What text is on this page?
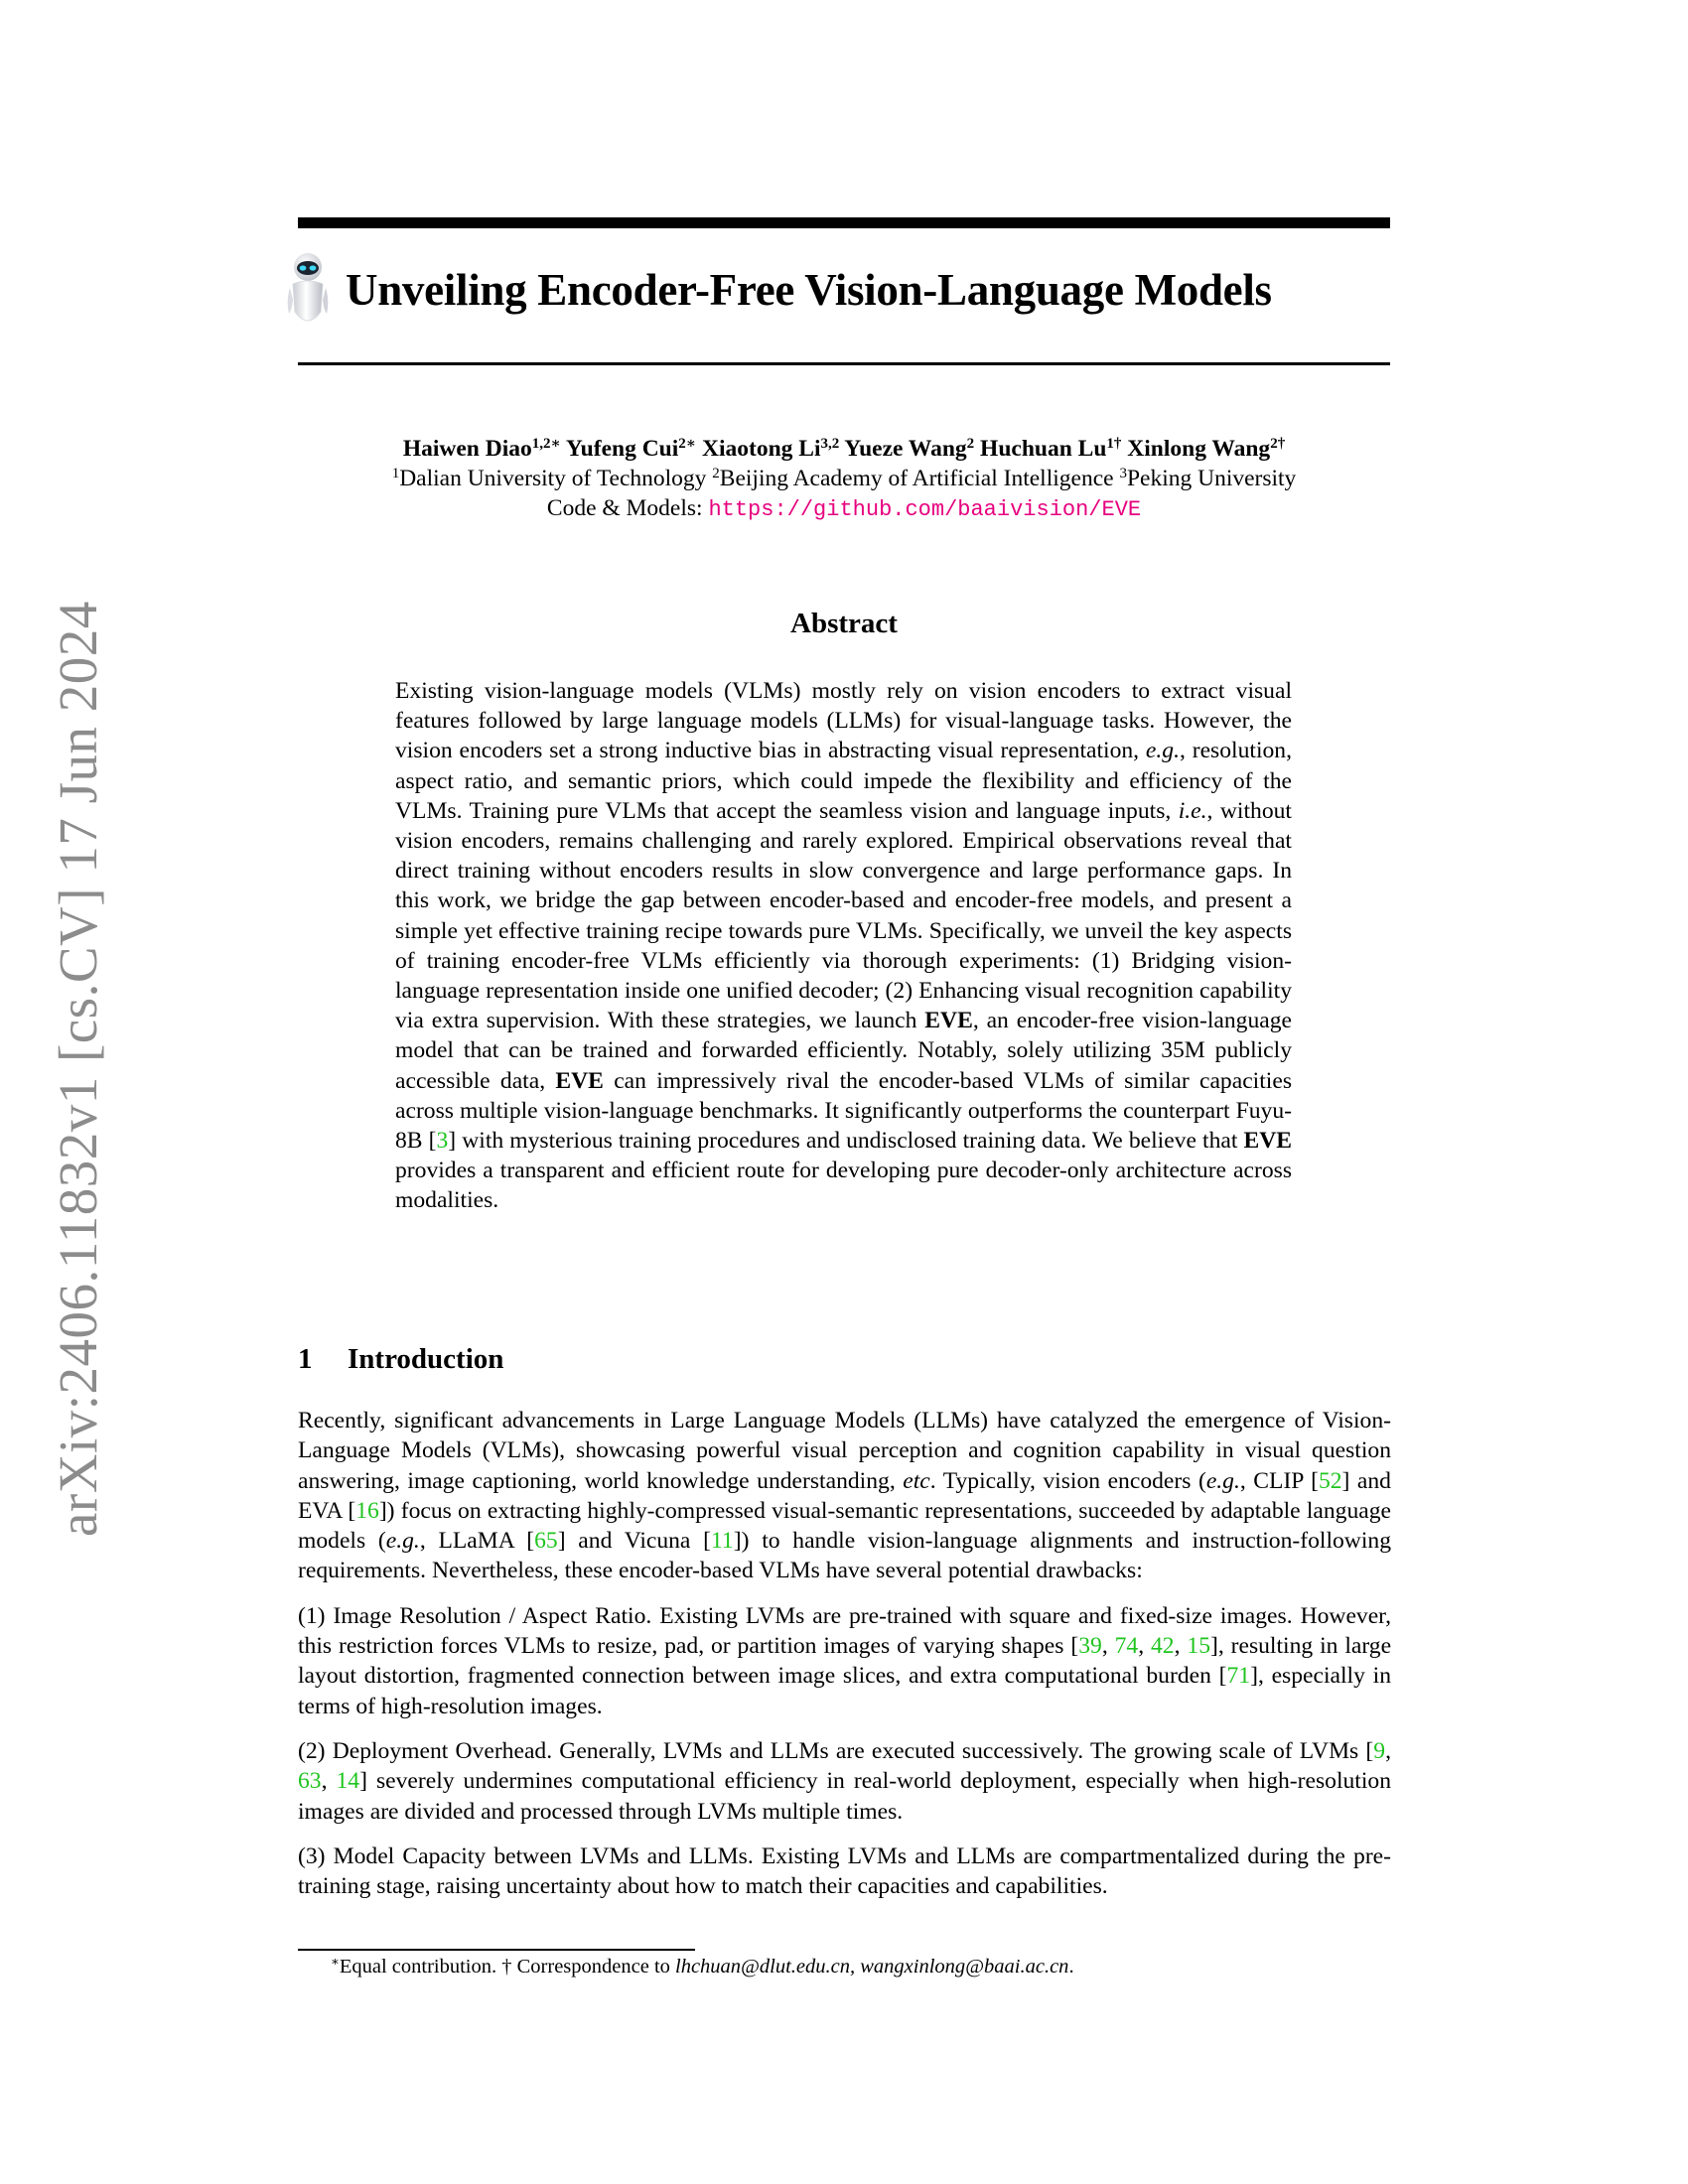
arXiv:2406.11832v1 [cs.CV] 17 Jun 2024
Unveiling Encoder-Free Vision-Language Models
Haiwen Diao$^{1,2∗}$ Yufeng Cui$^{2∗}$ Xiaotong Li$^{3,2}$ Yueze Wang$^2$ Huchuan $Lu^{1\dagger}$ Xinlong Wang$^{2\dagger}$
$^1$Dalian University of Technology $^2$Beijing Academy of Artificial Intelligence $^3$Peking University
Code & Models: https://github.com/baaivision/EVE
Abstract

Existing vision-language models (VLMs) mostly rely on vision encoders to extract visual features followed by large language models (LLMs) for visual-language tasks. However, the vision encoders set a strong inductive bias in abstracting visual representation, e.g., resolution, aspect ratio, and semantic priors, which could impede the flexibility and efficiency of the VLMs. Training pure VLMs that accept the seamless vision and language inputs, i.e., without vision encoders, remains challenging and rarely explored. Empirical observations reveal that direct training without encoders results in slow convergence and large performance gaps. In this work, we bridge the gap between encoder-based and encoder-free models, and present a simple yet effective training recipe towards pure VLMs. Specifically, we unveil the key aspects of training encoder-free VLMs efficiently via thorough experiments: (1) Bridging vision-language representation inside one unified decoder; (2) Enhancing visual recognition capability via extra supervision. With these strategies, we launch EVE, an encoder-free vision-language model that can be trained and forwarded efficiently. Notably, solely utilizing 35M publicly accessible data, EVE can impressively rival the encoder-based VLMs of similar capacities across multiple vision-language benchmarks. It significantly outperforms the counterpart Fuyu-8B [3] with mysterious training procedures and undisclosed training data. We believe that EVE provides a transparent and efficient route for developing pure decoder-only architecture across modalities.

1 Introduction

Recently, significant advancements in Large Language Models (LLMs) have catalyzed the emergence of Vision-Language Models (VLMs), showcasing powerful visual perception and cognition capability in visual question answering, image captioning, world knowledge understanding, etc. Typically, vision encoders (e.g., CLIP [52] and EVA [16]) focus on extracting highly-compressed visual-semantic representations, succeeded by adaptable language models (e.g., LLaMA [65] and Vicuna [11]) to handle vision-language alignments and instruction-following requirements. Nevertheless, these encoder-based VLMs have several potential drawbacks:

(1) Image Resolution / Aspect Ratio. Existing LVMs are pre-trained with square and fixed-size images. However, this restriction forces VLMs to resize, pad, or partition images of varying shapes [39, 74, 42, 15], resulting in large layout distortion, fragmented connection between image slices, and extra computational burden [71], especially in terms of high-resolution images.

(2) Deployment Overhead. Generally, LVMs and LLMs are executed successively. The growing scale of LVMs [9, 63, 14] severely undermines computational efficiency in real-world deployment, especially when high-resolution images are divided and processed through LVMs multiple times.

(3) Model Capacity between LVMs and LLMs. Existing LVMs and LLMs are compartmentalized during the pre-training stage, raising uncertainty about how to match their capacities and capabilities.

∗Equal contribution. † Correspondence to lhchuan@dlut.edu.cn, wangxinlong@baai.ac.cn.
